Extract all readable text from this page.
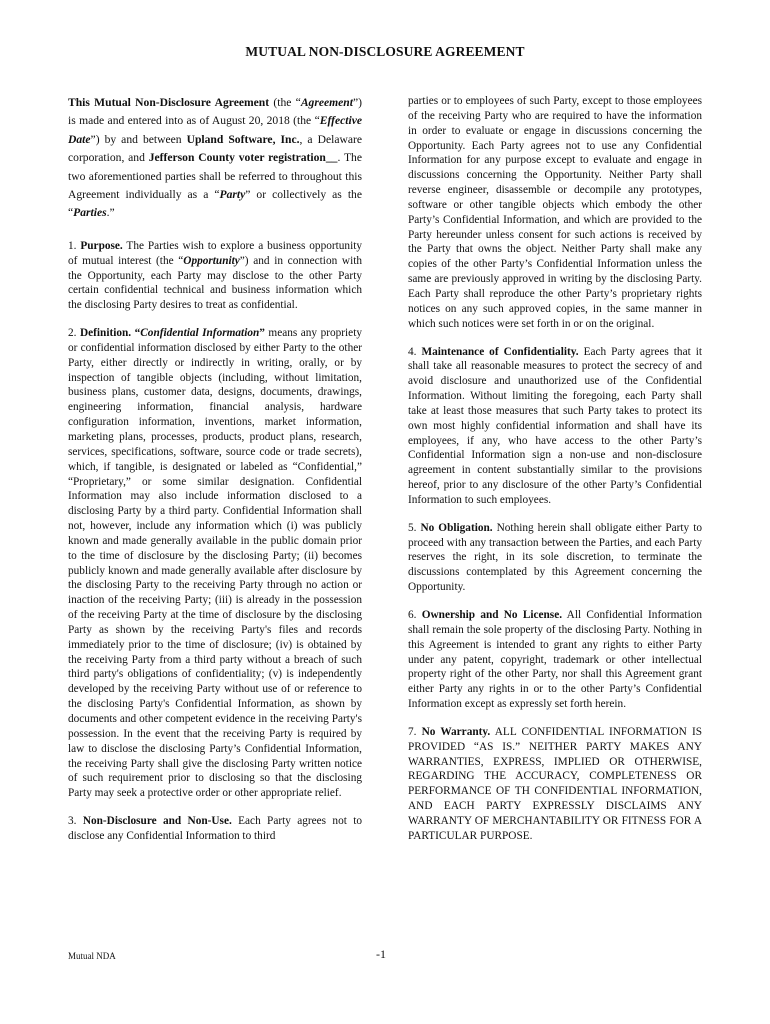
MUTUAL NON-DISCLOSURE AGREEMENT

This Mutual Non-Disclosure Agreement (the “Agreement”) is made and entered into as of August 20, 2018 (the “Effective Date”) by and between Upland Software, Inc., a Delaware corporation, and Jefferson County voter registration__. The two aforementioned parties shall be referred to throughout this Agreement individually as a “Party” or collectively as the “Parties.”

1. Purpose. The Parties wish to explore a business opportunity of mutual interest (the “Opportunity”) and in connection with the Opportunity, each Party may disclose to the other Party certain confidential technical and business information which the disclosing Party desires to treat as confidential.

2. Definition. “Confidential Information” means any propriety or confidential information disclosed by either Party to the other Party, either directly or indirectly in writing, orally, or by inspection of tangible objects (including, without limitation, business plans, customer data, designs, documents, drawings, engineering information, financial analysis, hardware configuration information, inventions, market information, marketing plans, processes, products, product plans, research, services, specifications, software, source code or trade secrets), which, if tangible, is designated or labeled as “Confidential,” “Proprietary,” or some similar designation. Confidential Information may also include information disclosed to a disclosing Party by a third party. Confidential Information shall not, however, include any information which (i) was publicly known and made generally available in the public domain prior to the time of disclosure by the disclosing Party; (ii) becomes publicly known and made generally available after disclosure by the disclosing Party to the receiving Party through no action or inaction of the receiving Party; (iii) is already in the possession of the receiving Party at the time of disclosure by the disclosing Party as shown by the receiving Party's files and records immediately prior to the time of disclosure; (iv) is obtained by the receiving Party from a third party without a breach of such third party's obligations of confidentiality; (v) is independently developed by the receiving Party without use of or reference to the disclosing Party's Confidential Information, as shown by documents and other competent evidence in the receiving Party's possession. In the event that the receiving Party is required by law to disclose the disclosing Party’s Confidential Information, the receiving Party shall give the disclosing Party written notice of such requirement prior to disclosing so that the disclosing Party may seek a protective order or other appropriate relief.

3. Non-Disclosure and Non-Use. Each Party agrees not to disclose any Confidential Information to third

parties or to employees of such Party, except to those employees of the receiving Party who are required to have the information in order to evaluate or engage in discussions concerning the Opportunity. Each Party agrees not to use any Confidential Information for any purpose except to evaluate and engage in discussions concerning the Opportunity. Neither Party shall reverse engineer, disassemble or decompile any prototypes, software or other tangible objects which embody the other Party’s Confidential Information, and which are provided to the Party hereunder unless consent for such actions is received by the Party that owns the object. Neither Party shall make any copies of the other Party’s Confidential Information unless the same are previously approved in writing by the disclosing Party. Each Party shall reproduce the other Party’s proprietary rights notices on any such approved copies, in the same manner in which such notices were set forth in or on the original.

4. Maintenance of Confidentiality. Each Party agrees that it shall take all reasonable measures to protect the secrecy of and avoid disclosure and unauthorized use of the Confidential Information. Without limiting the foregoing, each Party shall take at least those measures that such Party takes to protect its own most highly confidential information and shall have its employees, if any, who have access to the other Party’s Confidential Information sign a non-use and non-disclosure agreement in content substantially similar to the provisions hereof, prior to any disclosure of the other Party’s Confidential Information to such employees.

5. No Obligation. Nothing herein shall obligate either Party to proceed with any transaction between the Parties, and each Party reserves the right, in its sole discretion, to terminate the discussions contemplated by this Agreement concerning the Opportunity.

6. Ownership and No License. All Confidential Information shall remain the sole property of the disclosing Party. Nothing in this Agreement is intended to grant any rights to either Party under any patent, copyright, trademark or other intellectual property right of the other Party, nor shall this Agreement grant either Party any rights in or to the other Party’s Confidential Information except as expressly set forth herein.

7. No Warranty. ALL CONFIDENTIAL INFORMATION IS PROVIDED “AS IS.” NEITHER PARTY MAKES ANY WARRANTIES, EXPRESS, IMPLIED OR OTHERWISE, REGARDING THE ACCURACY, COMPLETENESS OR PERFORMANCE OF TH CONFIDENTIAL INFORMATION, AND EACH PARTY EXPRESSLY DISCLAIMS ANY WARRANTY OF MERCHANTABILITY OR FITNESS FOR A PARTICULAR PURPOSE.

Mutual NDA	-1
